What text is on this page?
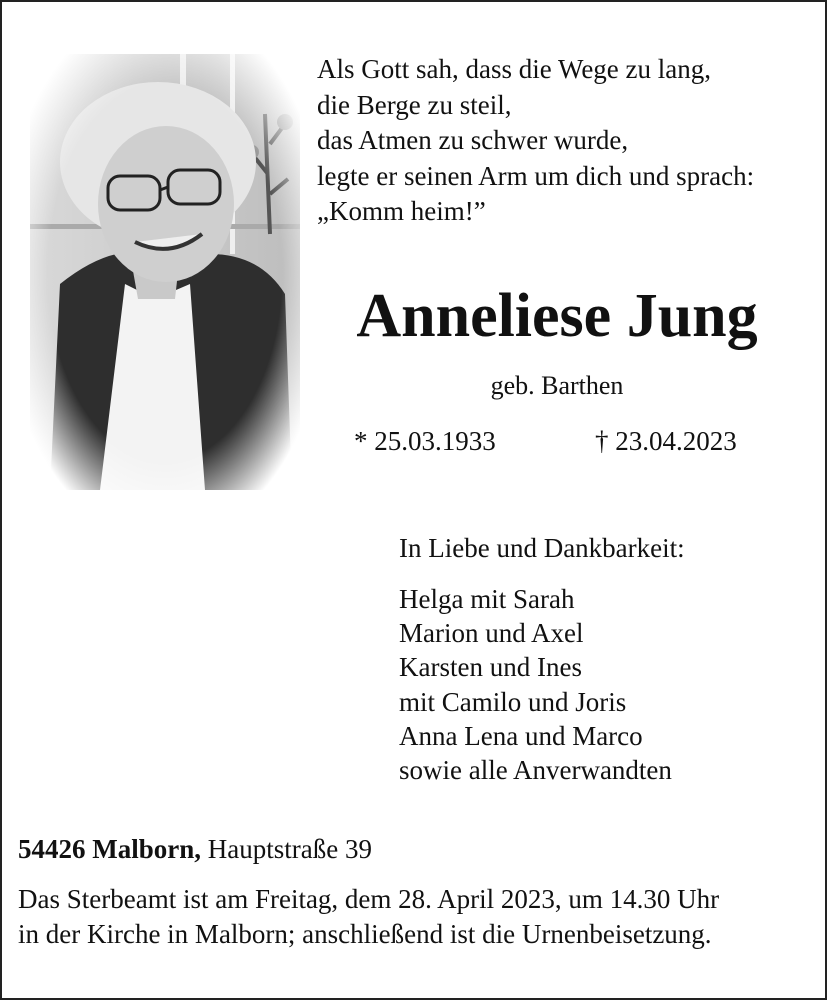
Als Gott sah, dass die Wege zu lang,
die Berge zu steil,
das Atmen zu schwer wurde,
legte er seinen Arm um dich und sprach:
„Komm heim!”
Anneliese Jung
geb. Barthen
* 25.03.1933	† 23.04.2023
In Liebe und Dankbarkeit:
Helga mit Sarah
Marion und Axel
Karsten und Ines
mit Camilo und Joris
Anna Lena und Marco
sowie alle Anverwandten
54426 Malborn, Hauptstraße 39
Das Sterbeamt ist am Freitag, dem 28. April 2023, um 14.30 Uhr
in der Kirche in Malborn; anschließend ist die Urnenbeisetzung.
